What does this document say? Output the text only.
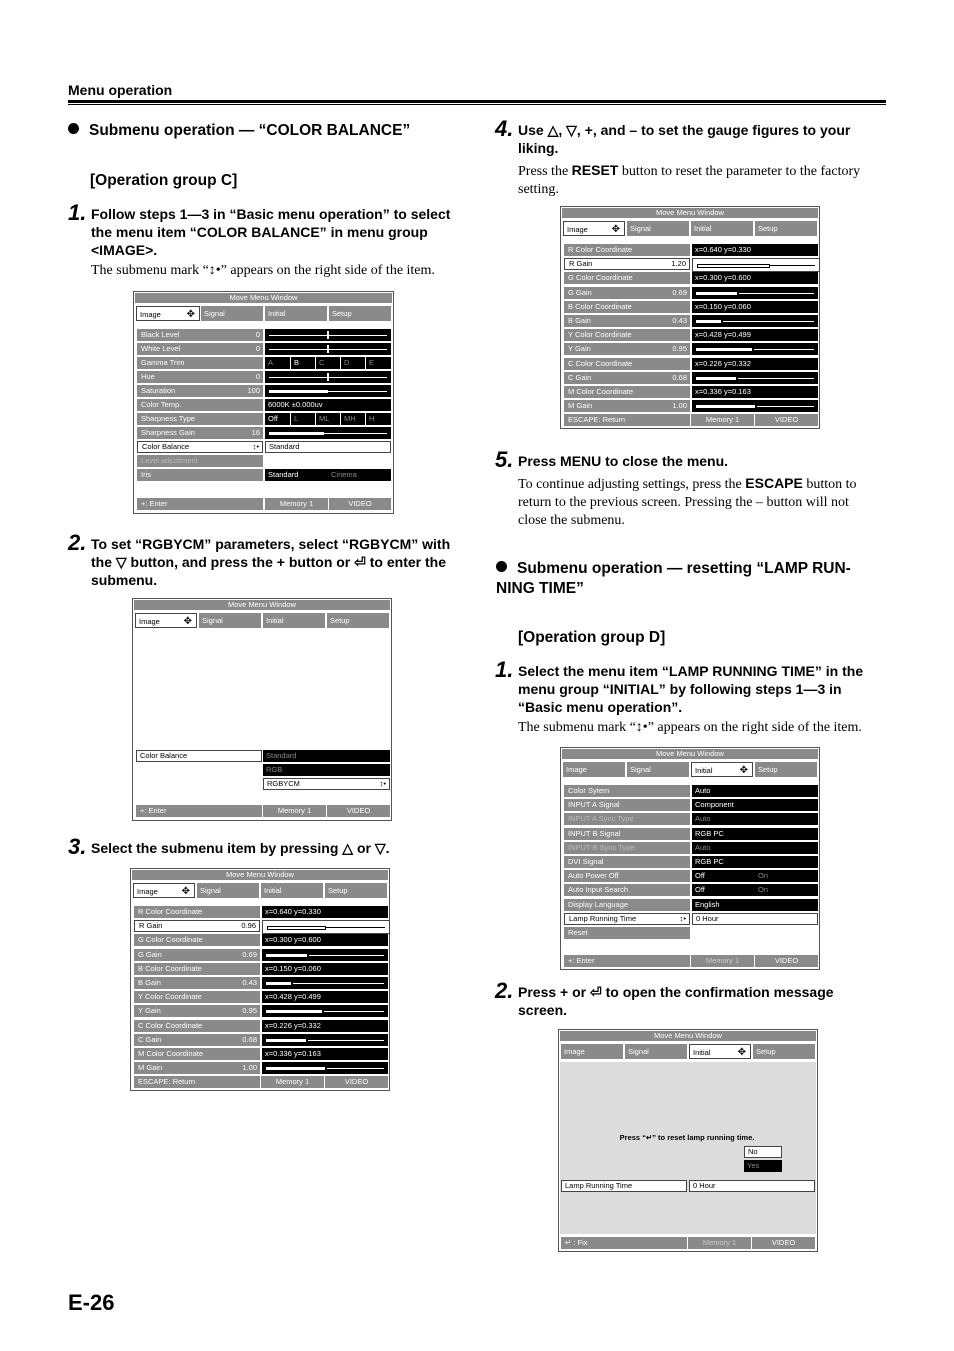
Menu operation
Submenu operation — “COLOR BALANCE”
[Operation group C]
1. Follow steps 1—3 in “Basic menu operation” to select the menu item “COLOR BALANCE” in menu group <IMAGE>.
The submenu mark “↕•” appears on the right side of the item.
Move Menu Window
Image	✥	Signal	Initial	Setup
Black Level	0
White Level	0
Gamma Trim	A	B	C	D	E
Hue	0
Saturation	100
Color Temp.	6000K ±0.000uv
Sharpness Type	Off	L	ML	MH	H
Sharpness Gain	16
Color Balance	↕•	Standard
Level adjustment
Iris	Standard	Cinema
+: Enter	Memory 1	VIDEO
2. To set “RGBYCM” parameters, select “RGBYCM” with the ▽ button, and press the + button or ⏎ to enter the submenu.
Move Menu Window
Image ✥	Signal	Initial	Setup
Color Balance	Standard
RGB
RGBYCM	↕•
+: Enter	Memory 1	VIDEO
3. Select the submenu item by pressing △ or ▽.
Move Menu Window
Image ✥	Signal	Initial	Setup
R Color Coordinate	x=0.640 y=0.330
R Gain	0.96
G Color Coordinate	x=0.300 y=0.600
G Gain	0.69
B Color Coordinate	x=0.150 y=0.060
B Gain	0.43
Y Color Coordinate	x=0.428 y=0.499
Y Gain	0.95
C Color Coordinate	x=0.226 y=0.332
C Gain	0.68
M Color Coordinate	x=0.336 y=0.163
M Gain	1.00
ESCAPE: Return	Memory 1	VIDEO
E-26
4. Use △, ▽, +, and – to set the gauge figures to your liking.
Press the RESET button to reset the parameter to the factory setting.
Move Menu Window
Image ✥	Signal	Initial	Setup
R Color Coordinate	x=0.640 y=0.330
R Gain	1.20
G Color Coordinate	x=0.300 y=0.600
G Gain	0.69
B Color Coordinate	x=0.150 y=0.060
B Gain	0.43
Y Color Coordinate	x=0.428 y=0.499
Y Gain	0.95
C Color Coordinate	x=0.226 y=0.332
C Gain	0.68
M Color Coordinate	x=0.336 y=0.163
M Gain	1.00
ESCAPE: Return	Memory 1	VIDEO
5. Press MENU to close the menu.
To continue adjusting settings, press the ESCAPE button to return to the previous screen. Pressing the – button will not close the submenu.
Submenu operation — resetting “LAMP RUN- NING TIME”
[Operation group D]
1. Select the menu item “LAMP RUNNING TIME” in the menu group “INITIAL” by following steps 1—3 in “Basic menu operation”.
The submenu mark “↕•” appears on the right side of the item.
Move Menu Window
Image	Signal	Initial	✥	Setup
Color Sytem	Auto
INPUT A Signal	Component
INPUT A Sync Type	Auto
INPUT B Signal	RGB PC
INPUT B Sync Type	Auto
DVI Signal	RGB PC
Auto Power Off	Off	On
Auto Input Search	Off	On
Display Language	English
Lamp Running Time	↕•	0 Hour
Reset
+: Enter	Memory 1	VIDEO
2. Press + or ⏎ to open the confirmation message screen.
Move Menu Window
Image	Signal	Initial	✥	Setup
Press “↵” to reset lamp running time.
No
Yes
Lamp Running Time	0 Hour
↵ : Fix	Memory 1	VIDEO
